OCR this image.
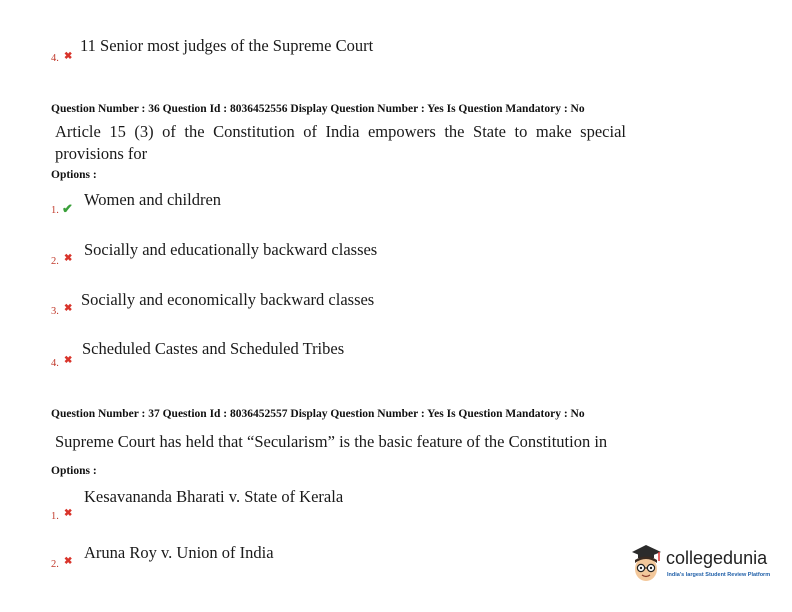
11 Senior most judges of the Supreme Court
4. ✖
Question Number : 36 Question Id : 8036452556 Display Question Number : Yes Is Question Mandatory : No
Article 15 (3) of the Constitution of India empowers the State to make special
provisions for
Options :
Women and children
1. ✔
Socially and educationally backward classes
2. ✖
Socially and economically backward classes
3. ✖
Scheduled Castes and Scheduled Tribes
4. ✖
Question Number : 37 Question Id : 8036452557 Display Question Number : Yes Is Question Mandatory : No
Supreme Court has held that “Secularism” is the basic feature of the Constitution in
Options :
Kesavananda Bharati v. State of Kerala
1. ✖
Aruna Roy v. Union of India
2. ✖	collegedunia
India's largest Student Review Platform
